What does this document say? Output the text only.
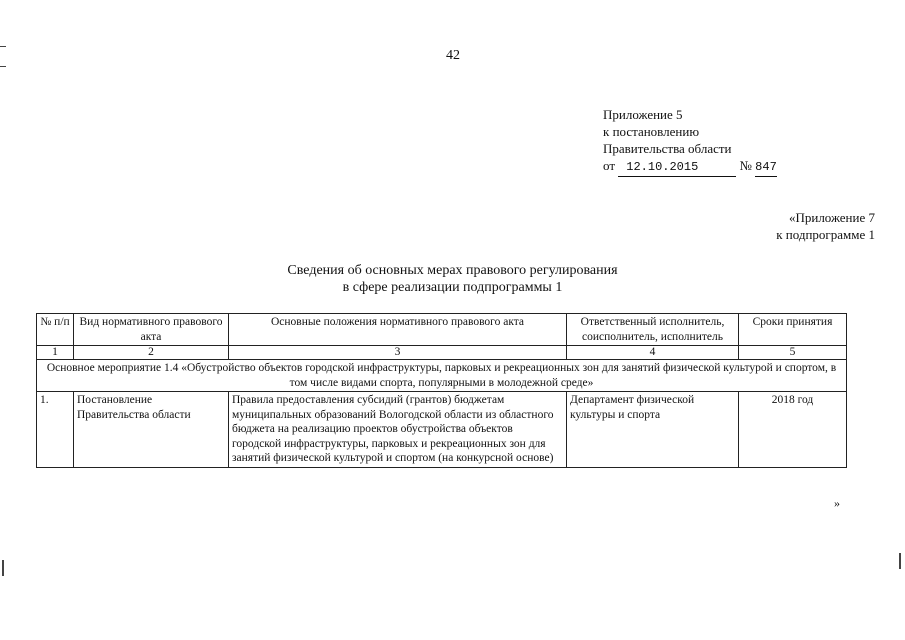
42
Приложение 5
к постановлению
Правительства области
от 12.10.2015	№ 847
«Приложение 7
к подпрограмме 1
Сведения об основных мерах правового регулирования
в сфере реализации подпрограммы 1
№ п/п	Вид нормативного правового акта	Основные положения нормативного правового акта	Ответственный исполнитель, соисполнитель, исполнитель	Сроки принятия
1	2	3	4	5
Основное мероприятие 1.4 «Обустройство объектов городской инфраструктуры, парковых и рекреационных зон для занятий физической культурой и спортом, в том числе видами спорта, популярными в молодежной среде»				
1.	Постановление Правительства области	Правила предоставления субсидий (грантов) бюджетам муниципальных образований Вологодской области из областного бюджета на реализацию проектов обустройства объектов городской инфраструктуры, парковых и рекреационных зон для занятий физической культурой и спортом (на конкурсной основе)	Департамент физической культуры и спорта	2018 год
»
